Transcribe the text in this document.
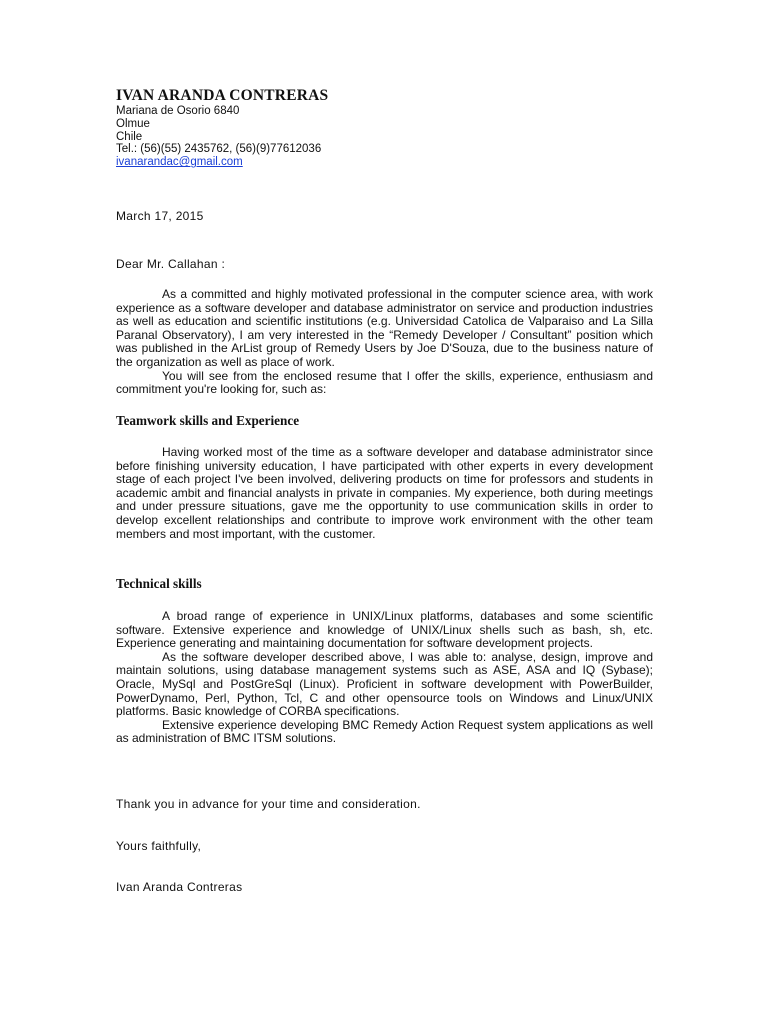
IVAN ARANDA CONTRERAS

Mariana de Osorio 6840

Olmue

Chile

Tel.: (56)(55) 2435762, (56)(9)77612036

ivanarandac@gmail.com

March 17, 2015
Dear Mr. Callahan :

As a committed and highly motivated professional in the computer science area, with work experience as a software developer and database administrator on service and production industries as well as education and scientific institutions (e.g. Universidad Catolica de Valparaiso and La Silla Paranal Observatory), I am very interested in the “Remedy Developer / Consultant” position which was published in the ArList group of Remedy Users by Joe D'Souza, due to the business nature of the organization as well as place of work.

You will see from the enclosed resume that I offer the skills, experience, enthusiasm and commitment you're looking for, such as:

Teamwork skills and Experience

Having worked most of the time as a software developer and database administrator since before finishing university education, I have participated with other experts in every development stage of each project I've been involved, delivering products on time for professors and students in academic ambit and financial analysts in private in companies. My experience, both during meetings and under pressure situations, gave me the opportunity to use communication skills in order to develop excellent relationships and contribute to improve work environment with the other team members and most important, with the customer.

Technical skills

A broad range of experience in UNIX/Linux platforms, databases and some scientific software. Extensive experience and knowledge of UNIX/Linux shells such as bash, sh, etc. Experience generating and maintaining documentation for software development projects.

As the software developer described above, I was able to: analyse, design, improve and maintain solutions, using database management systems such as ASE, ASA and IQ (Sybase); Oracle, MySql and PostGreSql (Linux). Proficient in software development with PowerBuilder, PowerDynamo, Perl, Python, Tcl, C and other opensource tools on Windows and Linux/UNIX platforms. Basic knowledge of CORBA specifications.

Extensive experience developing BMC Remedy Action Request system applications as well as administration of BMC ITSM solutions.

Thank you in advance for your time and consideration.

Yours faithfully,

Ivan Aranda Contreras
